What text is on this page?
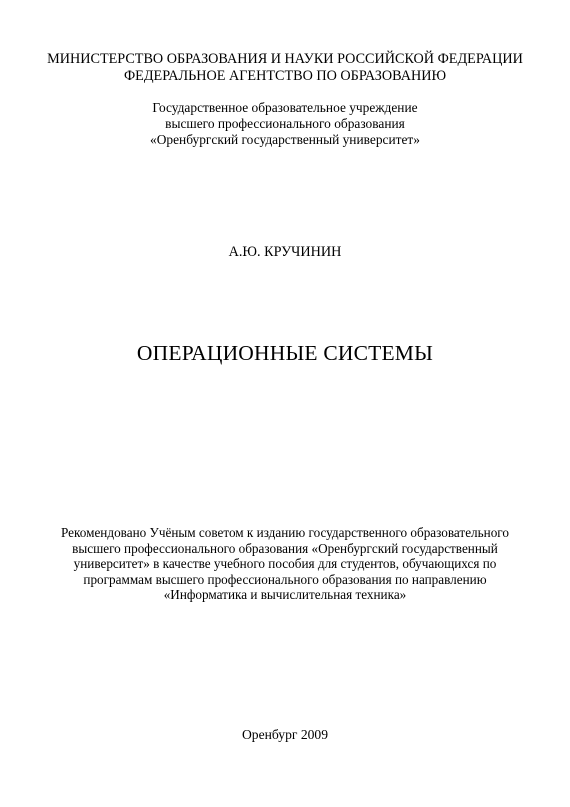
МИНИСТЕРСТВО ОБРАЗОВАНИЯ И НАУКИ РОССИЙСКОЙ ФЕДЕРАЦИИ
ФЕДЕРАЛЬНОЕ АГЕНТСТВО ПО ОБРАЗОВАНИЮ
Государственное образовательное учреждение
высшего профессионального образования
«Оренбургский государственный университет»
А.Ю. КРУЧИНИН
ОПЕРАЦИОННЫЕ СИСТЕМЫ
Рекомендовано Учёным советом к изданию государственного образовательного
высшего профессионального образования «Оренбургский государственный
университет» в качестве учебного пособия для студентов, обучающихся по
программам высшего профессионального образования по направлению
«Информатика и вычислительная техника»
Оренбург 2009
